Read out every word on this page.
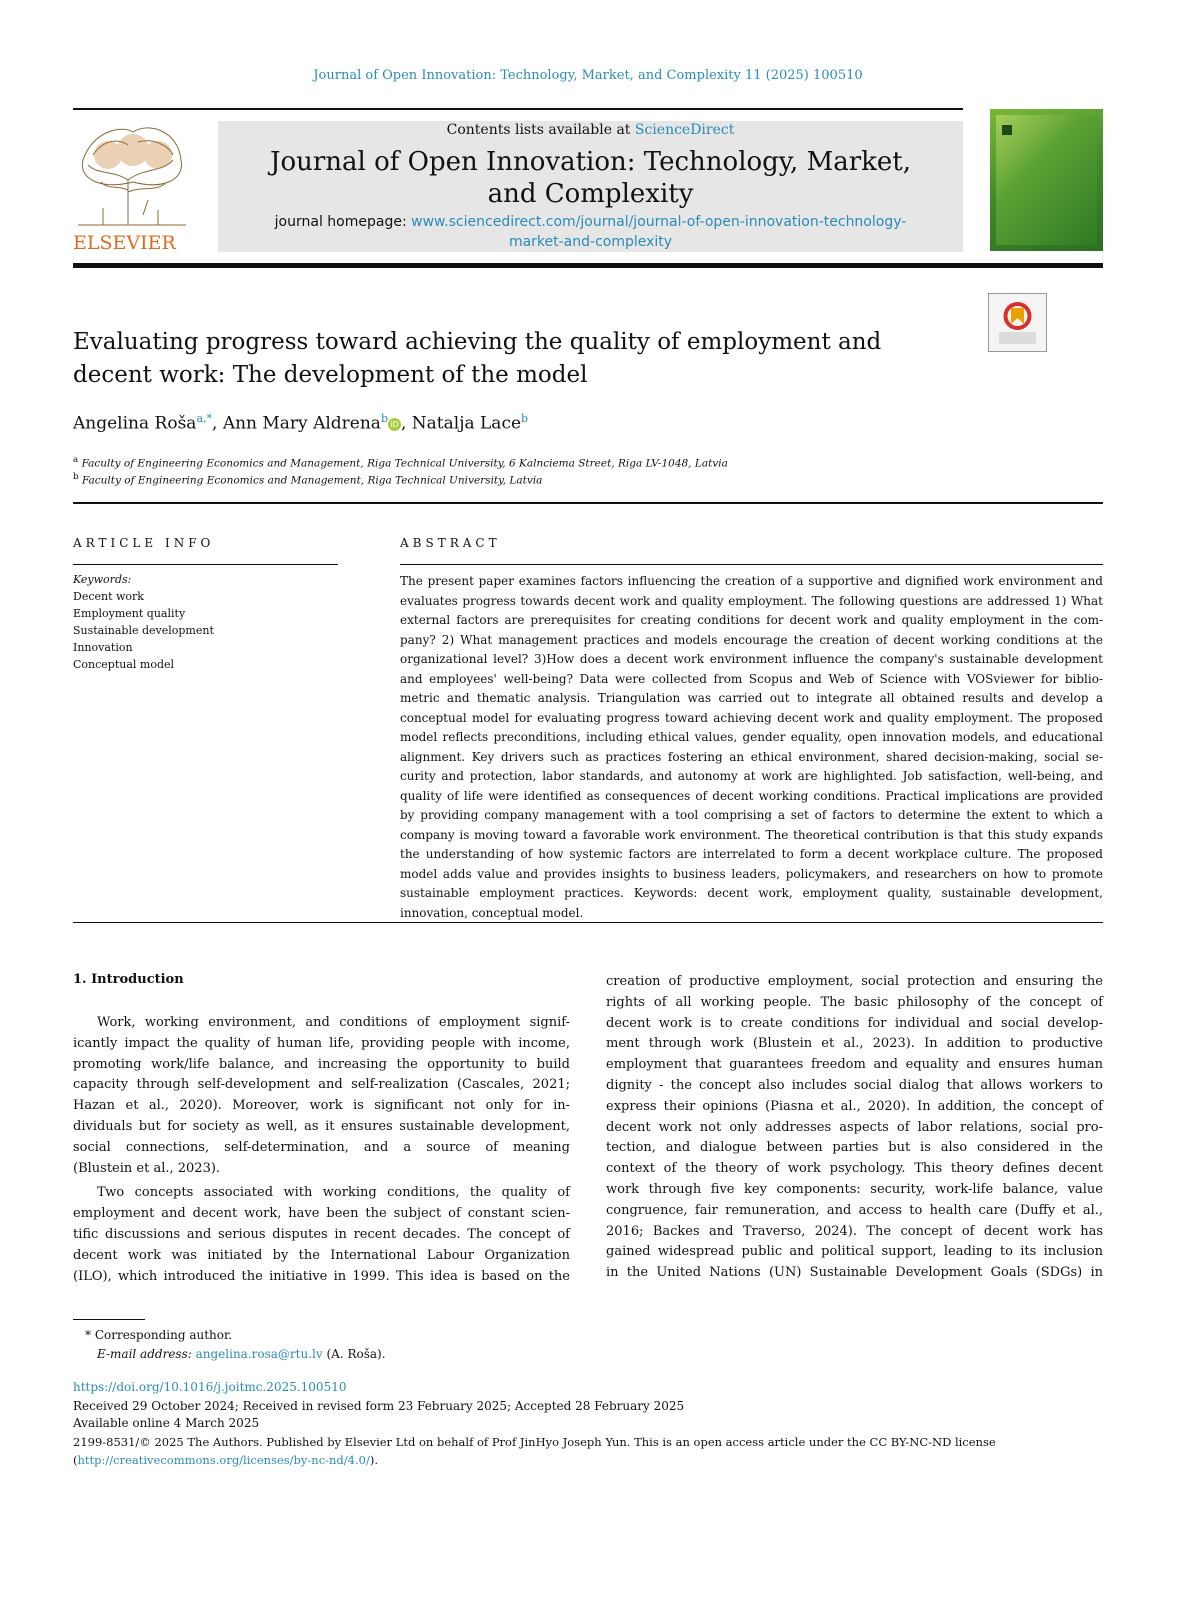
Journal of Open Innovation: Technology, Market, and Complexity 11 (2025) 100510
ELSEVIER
Contents lists available at ScienceDirect
Journal of Open Innovation: Technology, Market,
and Complexity
journal homepage: www.sciencedirect.com/journal/journal-of-open-innovation-technology-
market-and-complexity
Evaluating progress toward achieving the quality of employment and
decent work: The development of the model
Angelina Roša$^{a,*}$, Ann Mary Aldrena$^b$ iD , Natalja Lace$^b$
$^a$ Faculty of Engineering Economics and Management, Riga Technical University, 6 Kalnciema Street, Riga LV-1048, Latvia
$^b$ Faculty of Engineering Economics and Management, Riga Technical University, Latvia
ARTICLE INFO
Keywords:
Decent work
Employment quality
Sustainable development
Innovation
Conceptual model
ABSTRACT
The present paper examines factors influencing the creation of a supportive and dignified work environment and
evaluates progress towards decent work and quality employment. The following questions are addressed 1) What
external factors are prerequisites for creating conditions for decent work and quality employment in the com-
pany? 2) What management practices and models encourage the creation of decent working conditions at the
organizational level? 3)How does a decent work environment influence the company's sustainable development
and employees' well-being? Data were collected from Scopus and Web of Science with VOSviewer for biblio-
metric and thematic analysis. Triangulation was carried out to integrate all obtained results and develop a
conceptual model for evaluating progress toward achieving decent work and quality employment. The proposed
model reflects preconditions, including ethical values, gender equality, open innovation models, and educational
alignment. Key drivers such as practices fostering an ethical environment, shared decision-making, social se-
curity and protection, labor standards, and autonomy at work are highlighted. Job satisfaction, well-being, and
quality of life were identified as consequences of decent working conditions. Practical implications are provided
by providing company management with a tool comprising a set of factors to determine the extent to which a
company is moving toward a favorable work environment. The theoretical contribution is that this study expands
the understanding of how systemic factors are interrelated to form a decent workplace culture. The proposed
model adds value and provides insights to business leaders, policymakers, and researchers on how to promote
sustainable employment practices. Keywords: decent work, employment quality, sustainable development,
innovation, conceptual model.
1. Introduction
Work, working environment, and conditions of employment signif-
icantly impact the quality of human life, providing people with income,
promoting work/life balance, and increasing the opportunity to build
capacity through self-development and self-realization (Cascales, 2021;
Hazan et al., 2020). Moreover, work is significant not only for in-
dividuals but for society as well, as it ensures sustainable development,
social connections, self-determination, and a source of meaning
(Blustein et al., 2023).
Two concepts associated with working conditions, the quality of
employment and decent work, have been the subject of constant scien-
tific discussions and serious disputes in recent decades. The concept of
decent work was initiated by the International Labour Organization
(ILO), which introduced the initiative in 1999. This idea is based on the
creation of productive employment, social protection and ensuring the
rights of all working people. The basic philosophy of the concept of
decent work is to create conditions for individual and social develop-
ment through work (Blustein et al., 2023). In addition to productive
employment that guarantees freedom and equality and ensures human
dignity - the concept also includes social dialog that allows workers to
express their opinions (Piasna et al., 2020). In addition, the concept of
decent work not only addresses aspects of labor relations, social pro-
tection, and dialogue between parties but is also considered in the
context of the theory of work psychology. This theory defines decent
work through five key components: security, work-life balance, value
congruence, fair remuneration, and access to health care (Duffy et al.,
2016; Backes and Traverso, 2024). The concept of decent work has
gained widespread public and political support, leading to its inclusion
in the United Nations (UN) Sustainable Development Goals (SDGs) in
* Corresponding author.
E-mail address: angelina.rosa@rtu.lv (A. Roša).
https://doi.org/10.1016/j.joitmc.2025.100510
Received 29 October 2024; Received in revised form 23 February 2025; Accepted 28 February 2025
Available online 4 March 2025
2199-8531/© 2025 The Authors. Published by Elsevier Ltd on behalf of Prof JinHyo Joseph Yun. This is an open access article under the CC BY-NC-ND license
(http://creativecommons.org/licenses/by-nc-nd/4.0/).
